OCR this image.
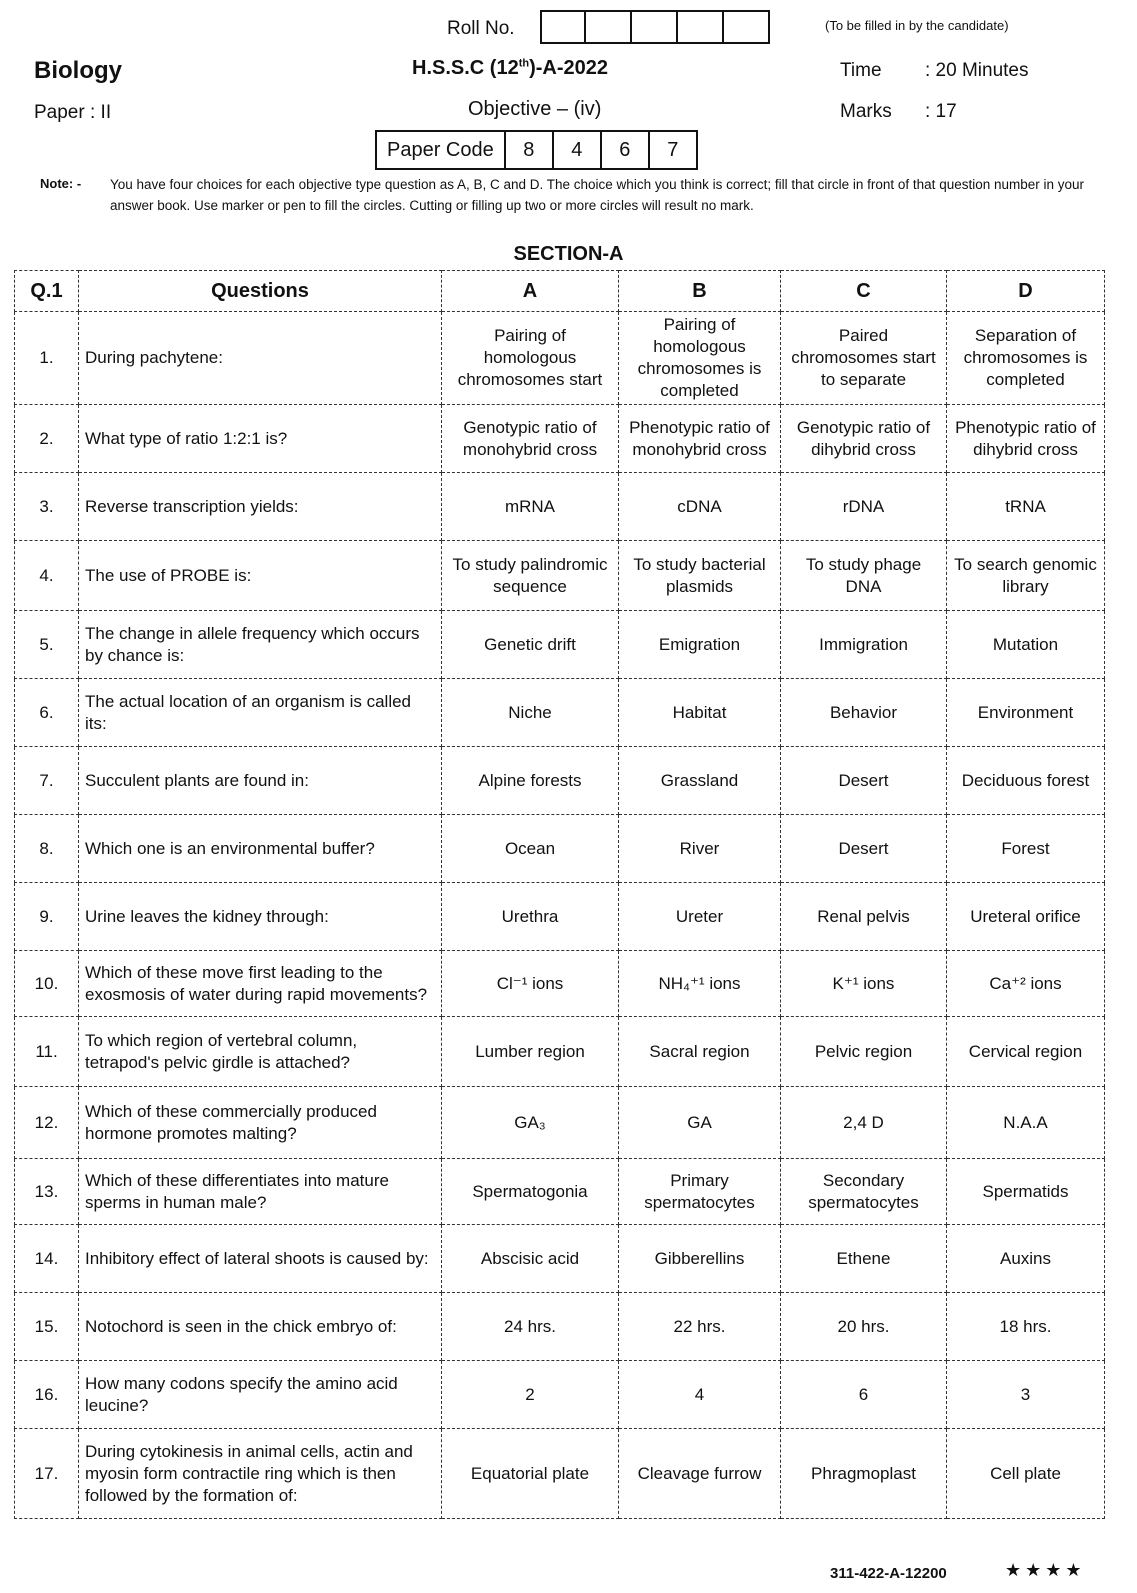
Roll No.	(To be filled in by the candidate)
Biology	H.S.S.C (12th)-A-2022	Time : 20 Minutes
Paper : II	Objective – (iv)	Marks : 17
Paper Code	8	4	6	7
Note: - You have four choices for each objective type question as A, B, C and D. The choice which you think is correct; fill that circle in front of that question number in your answer book. Use marker or pen to fill the circles. Cutting or filling up two or more circles will result no mark.
SECTION-A
Q.1	Questions	A	B	C	D
1.	During pachytene:	Pairing of homologous chromosomes start	Pairing of homologous chromosomes is completed	Paired chromosomes start to separate	Separation of chromosomes is completed
2.	What type of ratio 1:2:1 is?	Genotypic ratio of monohybrid cross	Phenotypic ratio of monohybrid cross	Genotypic ratio of dihybrid cross	Phenotypic ratio of dihybrid cross
3.	Reverse transcription yields:	mRNA	cDNA	rDNA	tRNA
4.	The use of PROBE is:	To study palindromic sequence	To study bacterial plasmids	To study phage DNA	To search genomic library
5.	The change in allele frequency which occurs by chance is:	Genetic drift	Emigration	Immigration	Mutation
6.	The actual location of an organism is called its:	Niche	Habitat	Behavior	Environment
7.	Succulent plants are found in:	Alpine forests	Grassland	Desert	Deciduous forest
8.	Which one is an environmental buffer?	Ocean	River	Desert	Forest
9.	Urine leaves the kidney through:	Urethra	Ureter	Renal pelvis	Ureteral orifice
10.	Which of these move first leading to the exosmosis of water during rapid movements?	Cl⁻¹ ions	NH₄⁺¹ ions	K⁺¹ ions	Ca⁺² ions
11.	To which region of vertebral column, tetrapod's pelvic girdle is attached?	Lumber region	Sacral region	Pelvic region	Cervical region
12.	Which of these commercially produced hormone promotes malting?	GA₃	GA	2,4 D	N.A.A
13.	Which of these differentiates into mature sperms in human male?	Spermatogonia	Primary spermatocytes	Secondary spermatocytes	Spermatids
14.	Inhibitory effect of lateral shoots is caused by:	Abscisic acid	Gibberellins	Ethene	Auxins
15.	Notochord is seen in the chick embryo of:	24 hrs.	22 hrs.	20 hrs.	18 hrs.
16.	How many codons specify the amino acid leucine?	2	4	6	3
17.	During cytokinesis in animal cells, actin and myosin form contractile ring which is then followed by the formation of:	Equatorial plate	Cleavage furrow	Phragmoplast	Cell plate
311-422-A-12200	★★★★
